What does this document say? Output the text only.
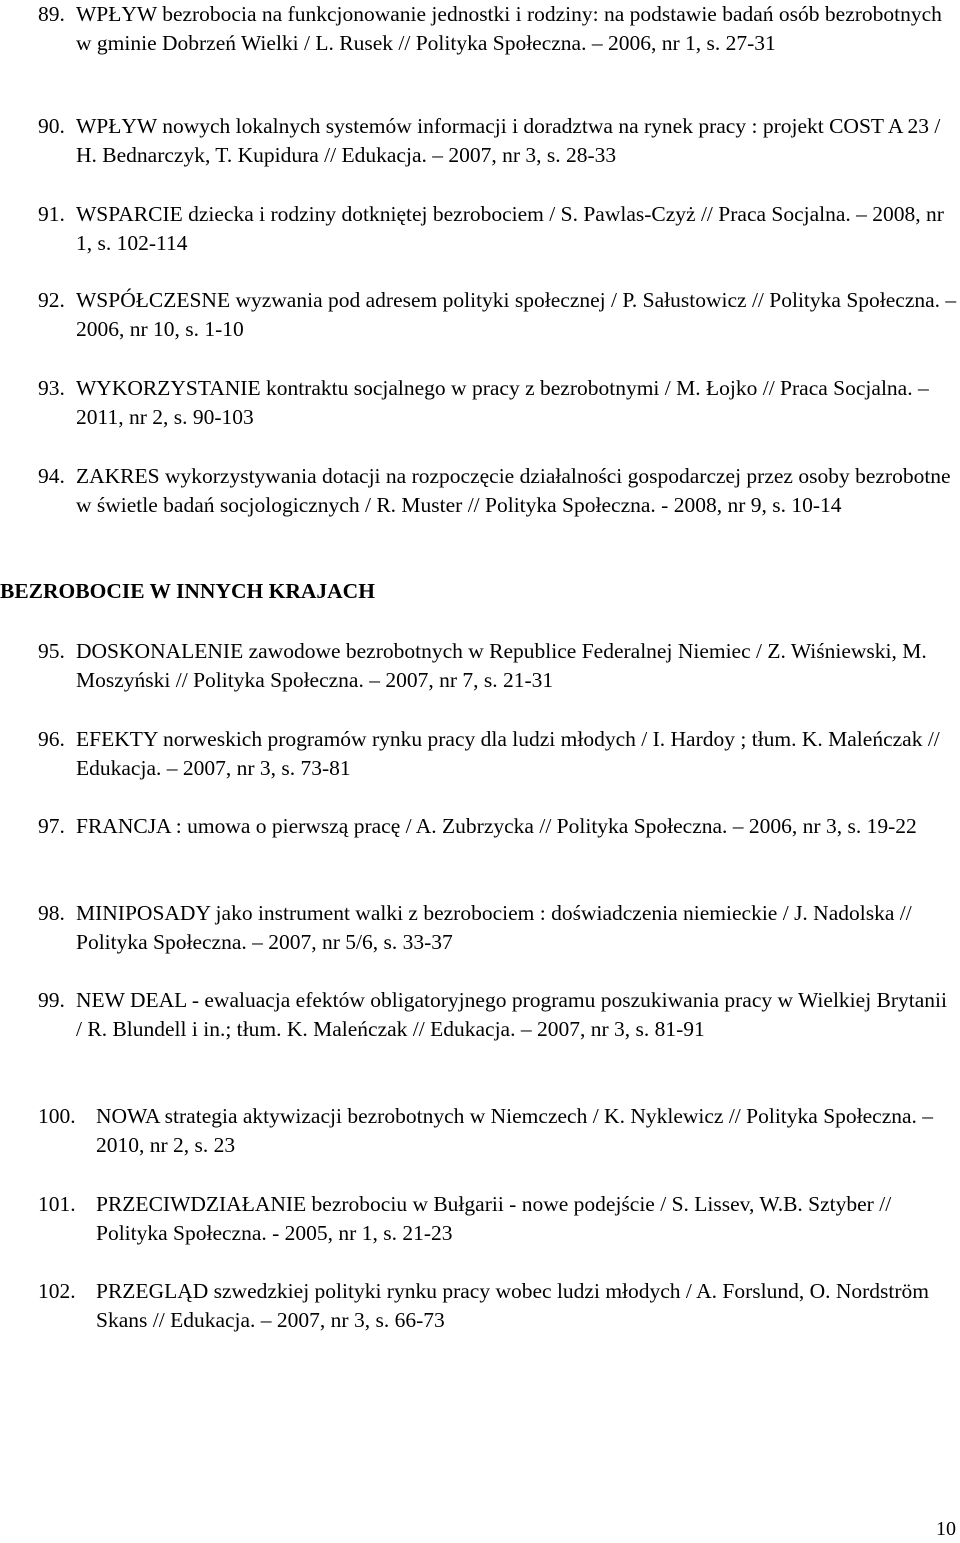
89. WPŁYW bezrobocia na funkcjonowanie jednostki i rodziny: na podstawie badań osób bezrobotnych w gminie Dobrzeń Wielki / L. Rusek // Polityka Społeczna. – 2006, nr 1, s. 27-31
90. WPŁYW nowych lokalnych systemów informacji i doradztwa na rynek pracy : projekt COST A 23 / H. Bednarczyk, T. Kupidura // Edukacja. – 2007, nr 3, s. 28-33
91. WSPARCIE dziecka i rodziny dotkniętej bezrobociem / S. Pawlas-Czyż // Praca Socjalna. – 2008, nr 1, s. 102-114
92. WSPÓŁCZESNE wyzwania pod adresem polityki społecznej / P. Sałustowicz // Polityka Społeczna. – 2006, nr 10, s. 1-10
93. WYKORZYSTANIE kontraktu socjalnego w pracy z bezrobotnymi / M. Łojko // Praca Socjalna. – 2011, nr 2, s. 90-103
94. ZAKRES wykorzystywania dotacji na rozpoczęcie działalności gospodarczej przez osoby bezrobotne w świetle badań socjologicznych / R. Muster // Polityka Społeczna. - 2008, nr 9, s. 10-14
BEZROBOCIE W INNYCH KRAJACH
95. DOSKONALENIE zawodowe bezrobotnych w Republice Federalnej Niemiec / Z. Wiśniewski, M. Moszyński // Polityka Społeczna. – 2007, nr 7, s. 21-31
96. EFEKTY norweskich programów rynku pracy dla ludzi młodych / I. Hardoy ; tłum. K. Maleńczak // Edukacja. – 2007, nr 3, s. 73-81
97. FRANCJA : umowa o pierwszą pracę / A. Zubrzycka // Polityka Społeczna. – 2006, nr 3, s. 19-22
98. MINIPOSADY jako instrument walki z bezrobociem : doświadczenia niemieckie / J. Nadolska // Polityka Społeczna. – 2007, nr 5/6, s. 33-37
99. NEW DEAL - ewaluacja efektów obligatoryjnego programu poszukiwania pracy w Wielkiej Brytanii / R. Blundell i in.; tłum. K. Maleńczak // Edukacja. – 2007, nr 3, s. 81-91
100. NOWA strategia aktywizacji bezrobotnych w Niemczech / K. Nyklewicz // Polityka Społeczna. – 2010, nr 2, s. 23
101. PRZECIWDZIAŁANIE bezrobociu w Bułgarii - nowe podejście / S. Lissev, W.B. Sztyber // Polityka Społeczna. - 2005, nr 1, s. 21-23
102. PRZEGLĄD szwedzkiej polityki rynku pracy wobec ludzi młodych / A. Forslund, O. Nordström Skans // Edukacja. – 2007, nr 3, s. 66-73
10
